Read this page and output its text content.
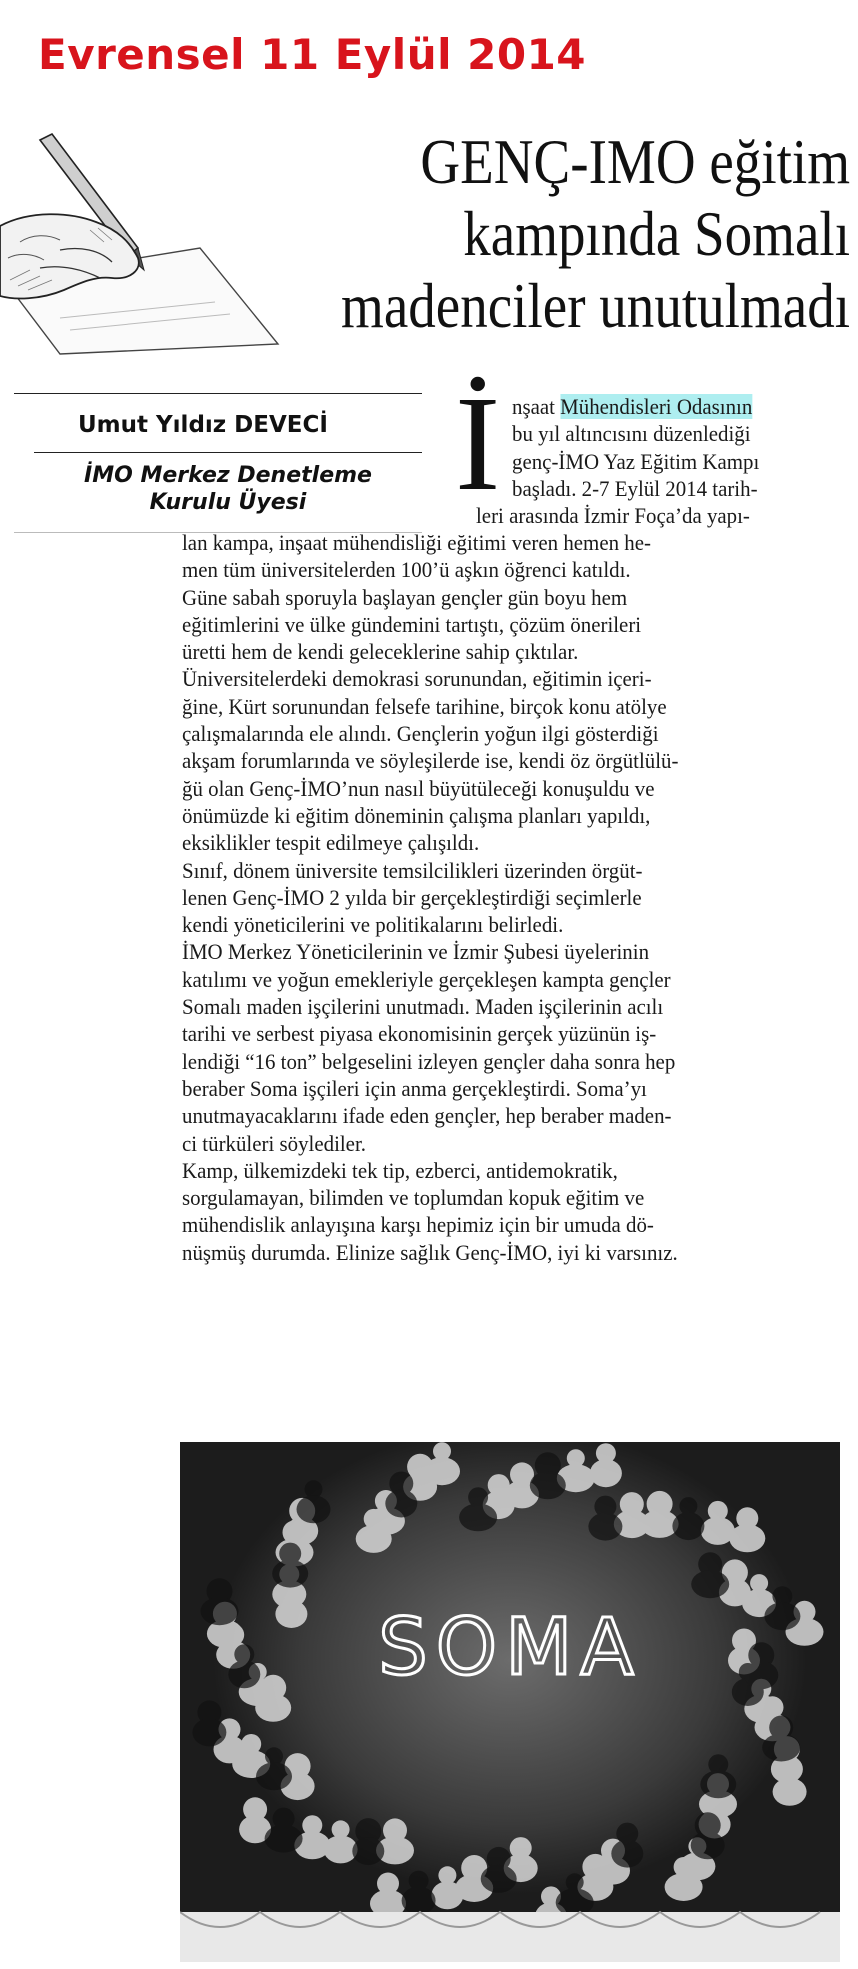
Evrensel 11 Eylül 2014
GENÇ-IMO eğitim
kampında Somalı
madenciler unutulmadı
Umut Yıldız DEVECİ
İMO Merkez Denetleme
Kurulu Üyesi	İ nşaat Mühendisleri Odasının
bu yıl altıncısını düzenlediği
genç-İMO Yaz Eğitim Kampı
başladı. 2-7 Eylül 2014 tarih-
leri arasında İzmir Foça’da yapı-
lan kampa, inşaat mühendisliği eğitimi veren hemen he-
men tüm üniversitelerden 100’ü aşkın öğrenci katıldı.
Güne sabah sporuyla başlayan gençler gün boyu hem
eğitimlerini ve ülke gündemini tartıştı, çözüm önerileri
üretti hem de kendi geleceklerine sahip çıktılar.
Üniversitelerdeki demokrasi sorunundan, eğitimin içeri-
ğine, Kürt sorunundan felsefe tarihine, birçok konu atölye
çalışmalarında ele alındı. Gençlerin yoğun ilgi gösterdiği
akşam forumlarında ve söyleşilerde ise, kendi öz örgütlülü-
ğü olan Genç-İMO’nun nasıl büyütüleceği konuşuldu ve
önümüzde ki eğitim döneminin çalışma planları yapıldı,
eksiklikler tespit edilmeye çalışıldı.
Sınıf, dönem üniversite temsilcilikleri üzerinden örgüt-
lenen Genç-İMO 2 yılda bir gerçekleştirdiği seçimlerle
kendi yöneticilerini ve politikalarını belirledi.
İMO Merkez Yöneticilerinin ve İzmir Şubesi üyelerinin
katılımı ve yoğun emekleriyle gerçekleşen kampta gençler
Somalı maden işçilerini unutmadı. Maden işçilerinin acılı
tarihi ve serbest piyasa ekonomisinin gerçek yüzünün iş-
lendiği “16 ton” belgeselini izleyen gençler daha sonra hep
beraber Soma işçileri için anma gerçekleştirdi. Soma’yı
unutmayacaklarını ifade eden gençler, hep beraber maden-
ci türküleri söylediler.
Kamp, ülkemizdeki tek tip, ezberci, antidemokratik,
sorgulamayan, bilimden ve toplumdan kopuk eğitim ve
mühendislik anlayışına karşı hepimiz için bir umuda dö-
nüşmüş durumda. Elinize sağlık Genç-İMO, iyi ki varsınız.
SOMA
